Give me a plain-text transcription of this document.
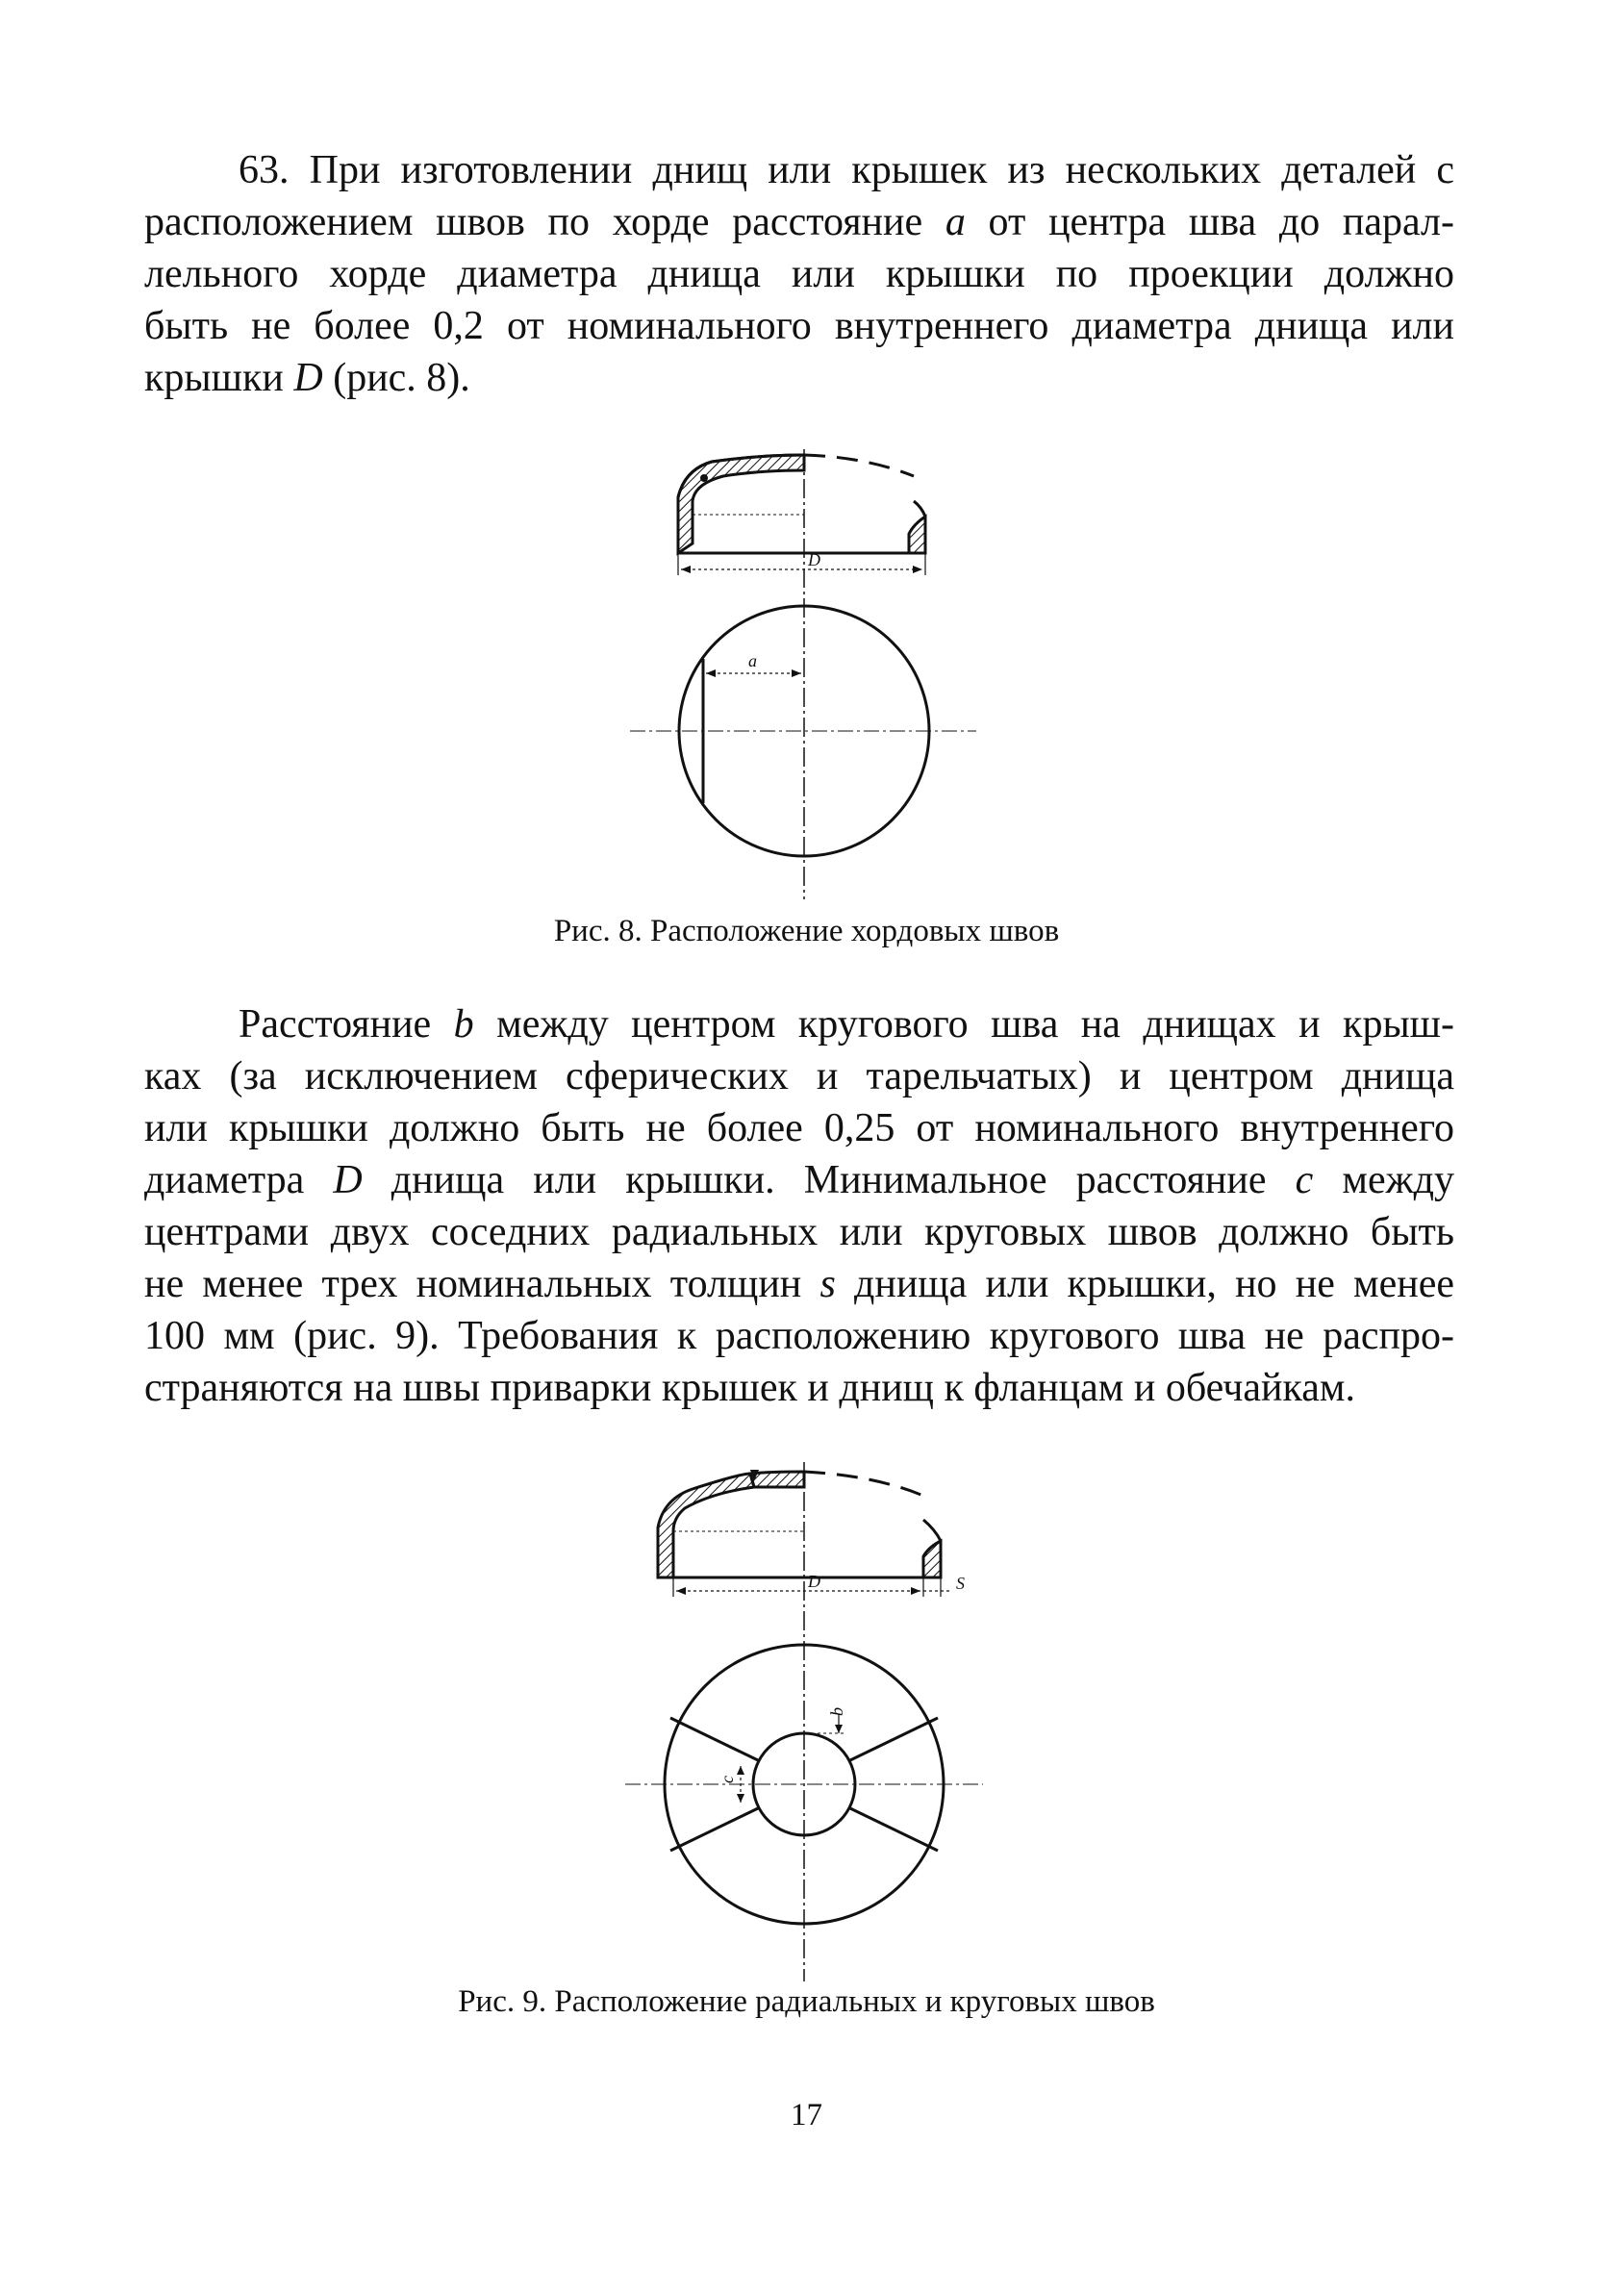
63. При изготовлении днищ или крышек из нескольких деталей с
расположением швов по хорде расстояние a от центра шва до парал-
лельного хорде диаметра днища или крышки по проекции должно
быть не более 0,2 от номинального внутреннего диаметра днища или
крышки D (рис. 8).
D
a

Рис. 8. Расположение хордовых швов

Расстояние b между центром кругового шва на днищах и крыш-
ках (за исключением сферических и тарельчатых) и центром днища
или крышки должно быть не более 0,25 от номинального внутреннего
диаметра D днища или крышки. Минимальное расстояние c между
центрами двух соседних радиальных или круговых швов должно быть
не менее трех номинальных толщин s днища или крышки, но не менее
100 мм (рис. 9). Требования к расположению кругового шва не распро-
страняются на швы приварки крышек и днищ к фланцам и обечайкам.
D	S
b
c

Рис. 9. Расположение радиальных и круговых швов

17
